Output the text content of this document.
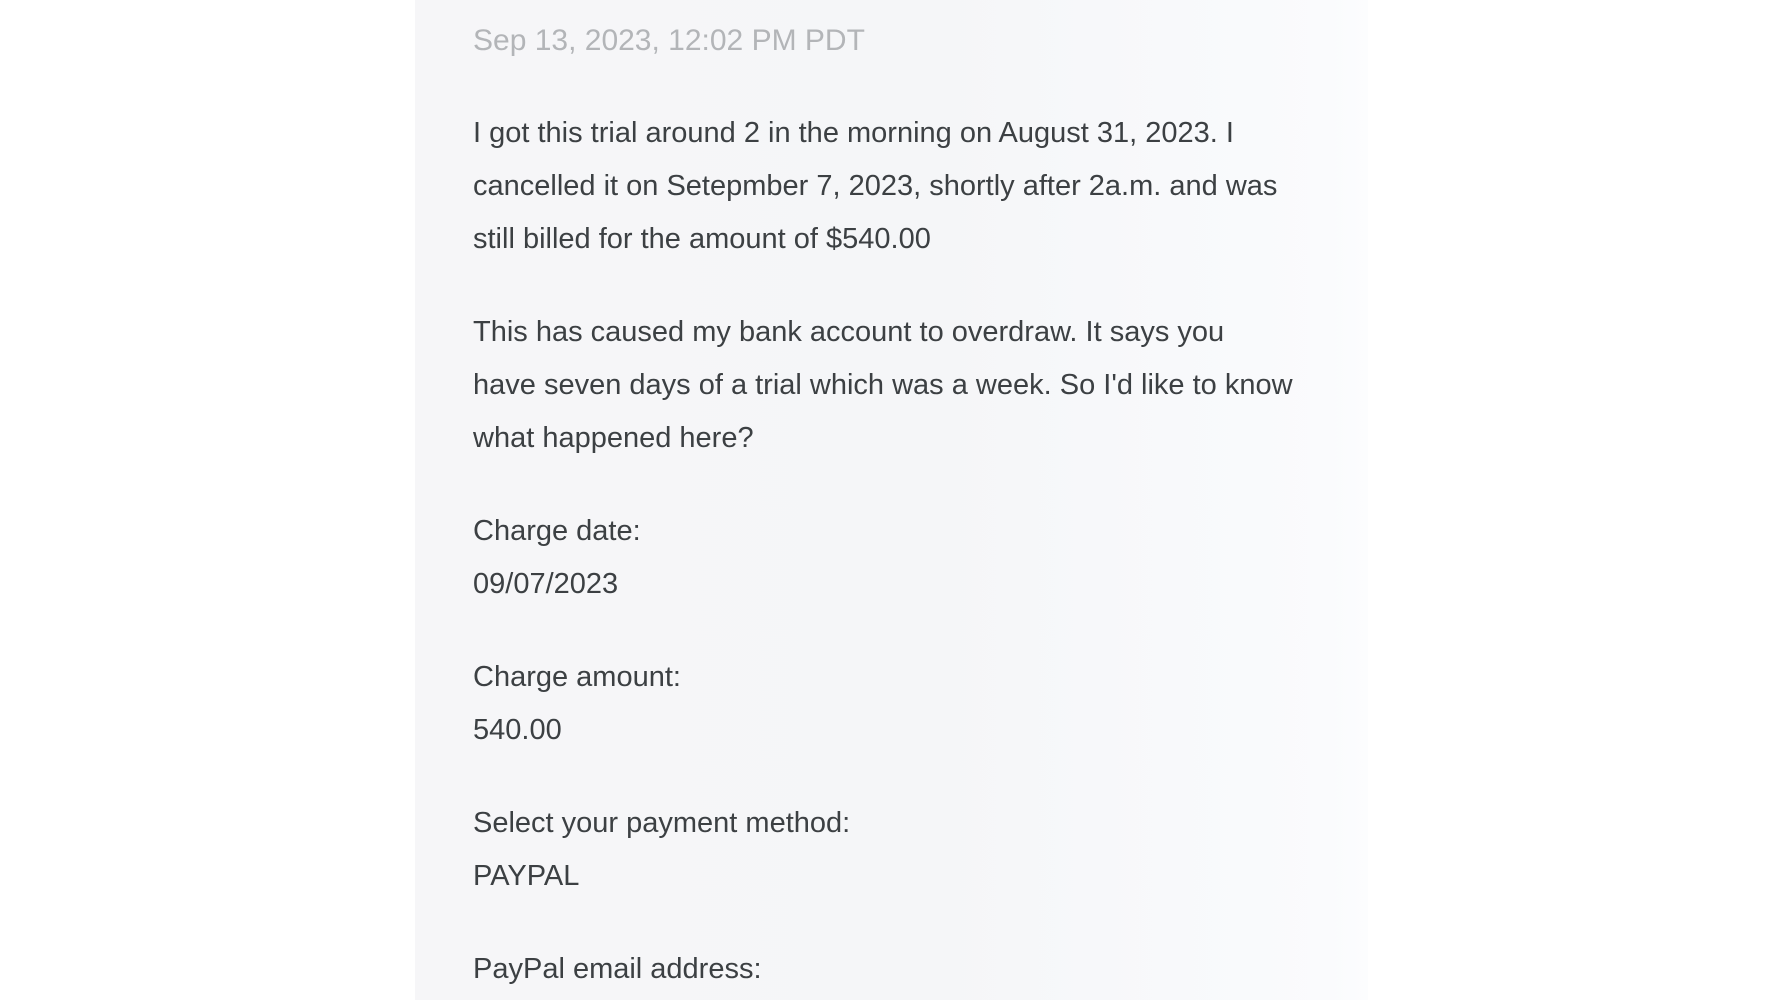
Sep 13, 2023, 12:02 PM PDT
I got this trial around 2 in the morning on August 31, 2023. I
cancelled it on Setepmber 7, 2023, shortly after 2a.m. and was
still billed for the amount of $540.00
This has caused my bank account to overdraw. It says you
have seven days of a trial which was a week. So I'd like to know
what happened here?
Charge date:
09/07/2023
Charge amount:
540.00
Select your payment method:
PAYPAL
PayPal email address:
